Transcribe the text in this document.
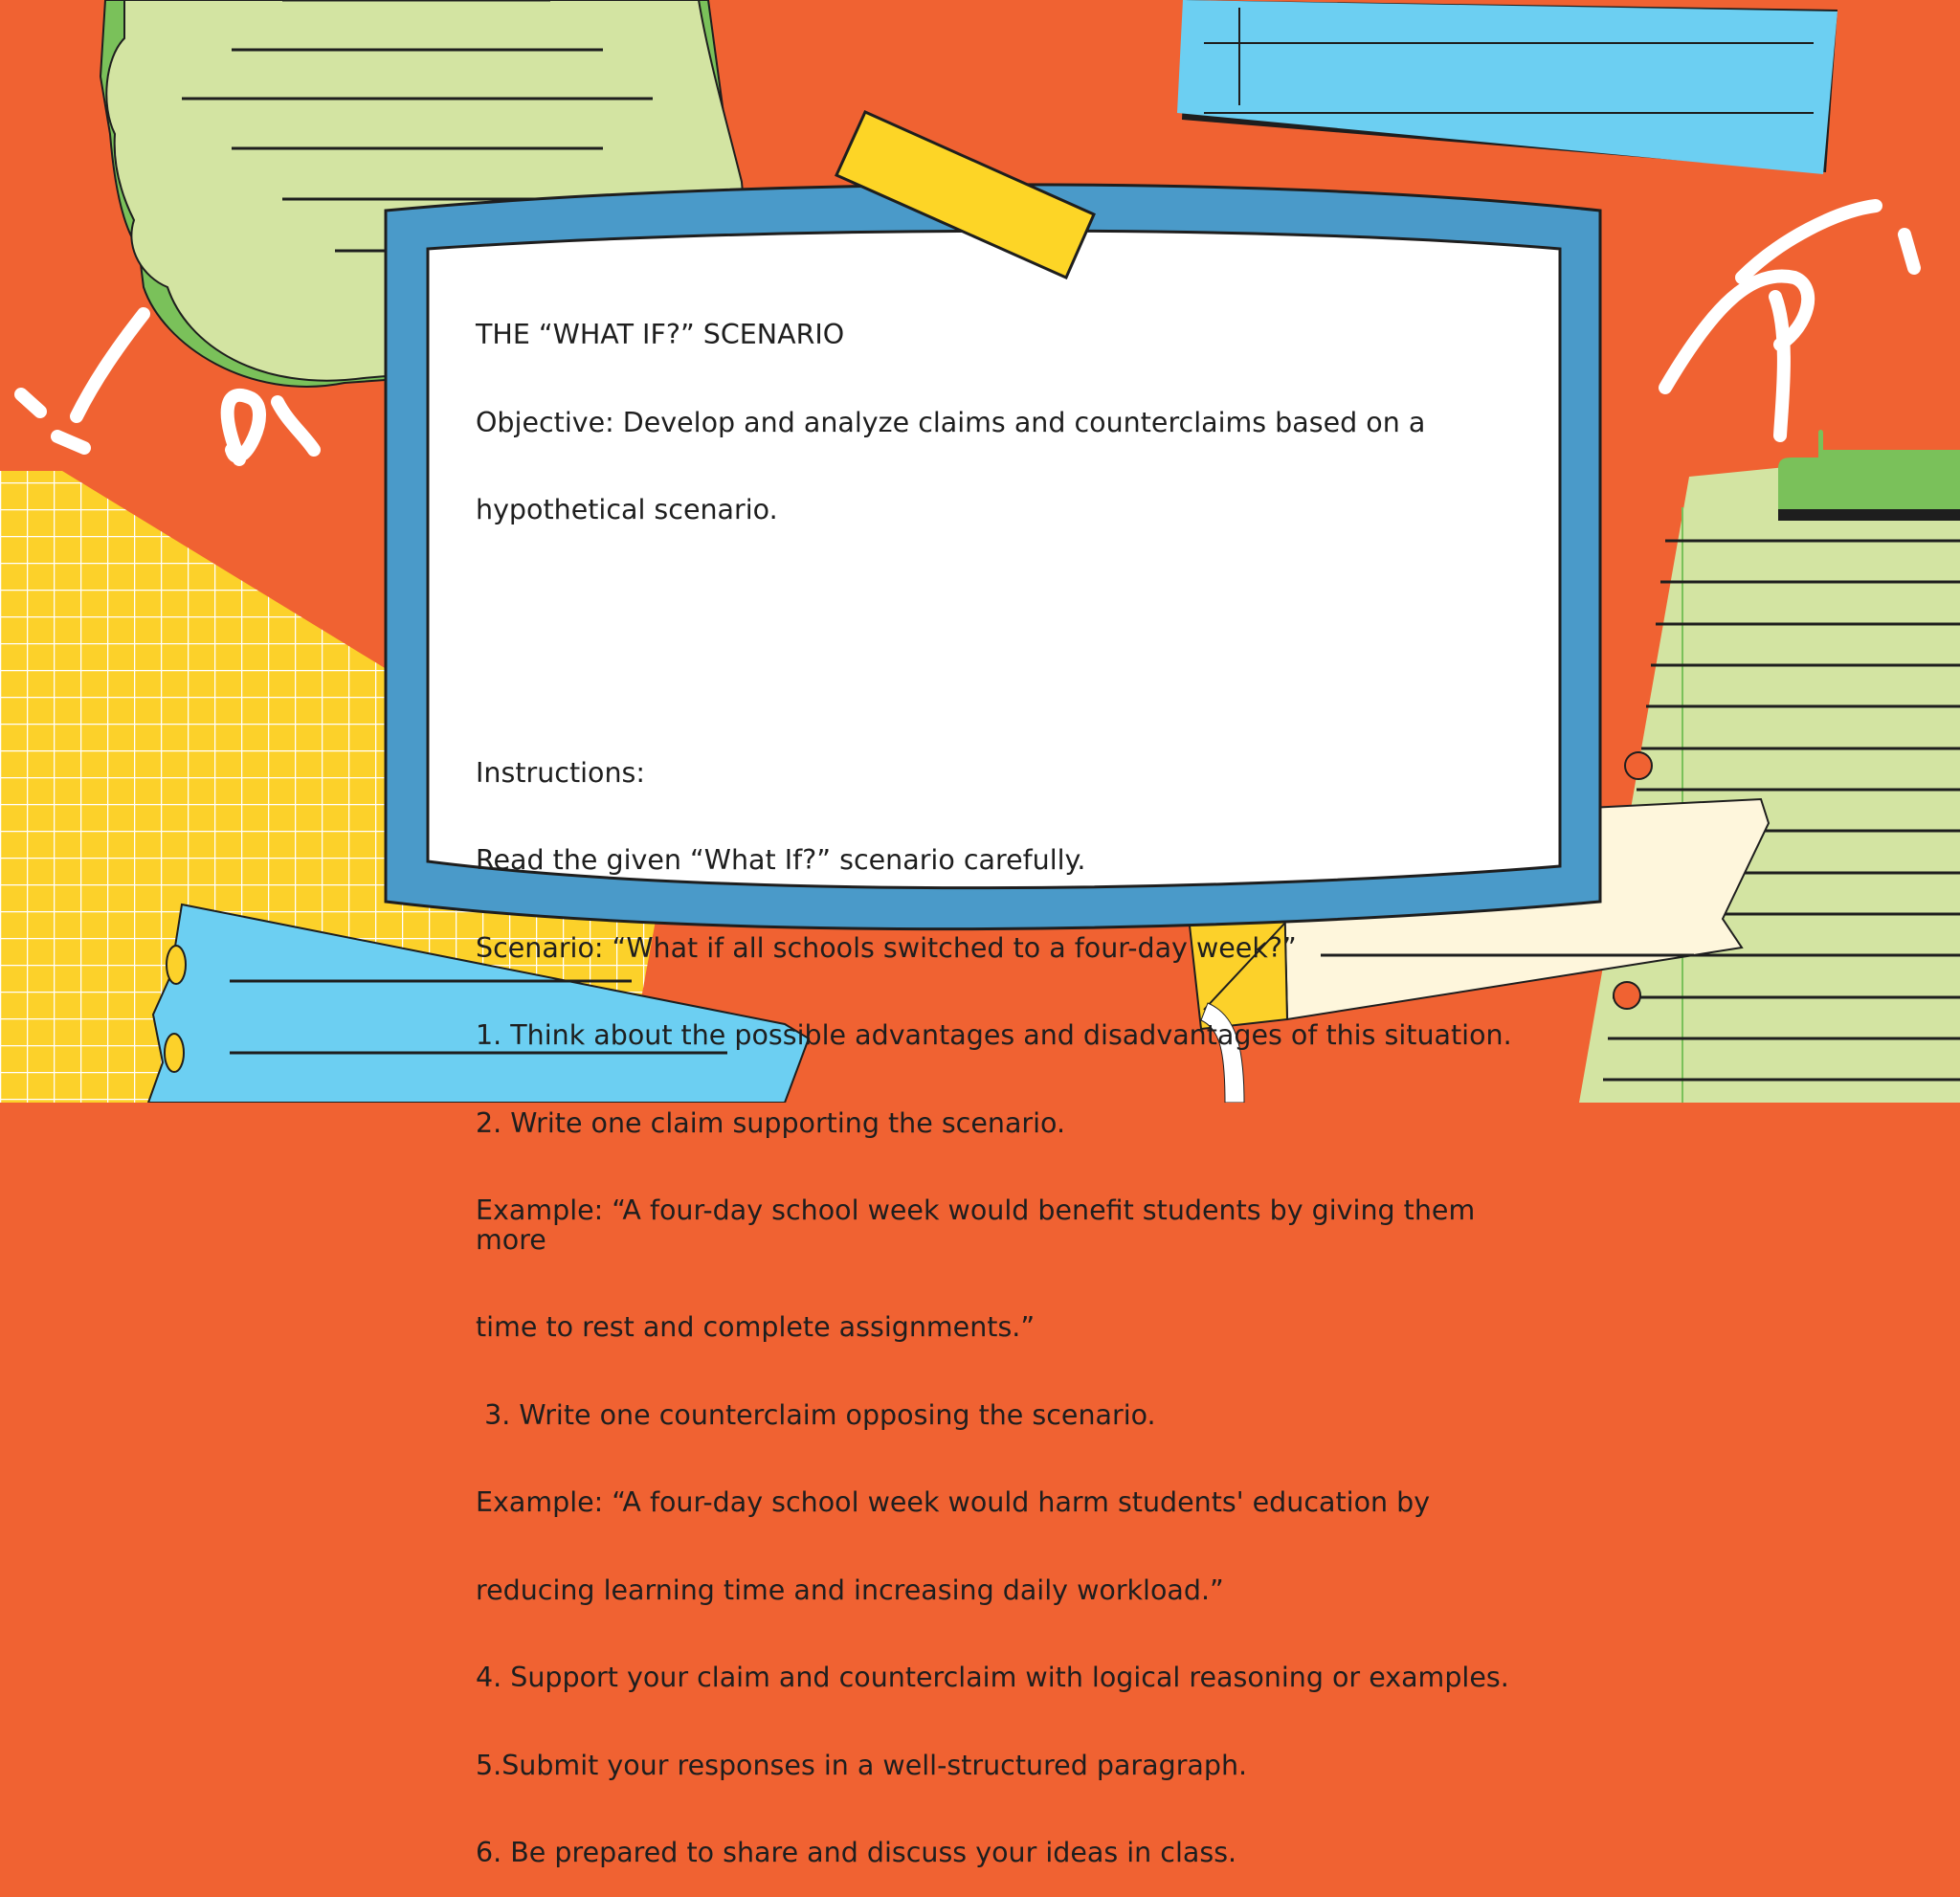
THE “WHAT IF?” SCENARIO

Objective: Develop and analyze claims and counterclaims based on a

hypothetical scenario.

Instructions:

Read the given “What If?” scenario carefully.

Scenario: “What if all schools switched to a four-day week?”

1. Think about the possible advantages and disadvantages of this situation.

2. Write one claim supporting the scenario.

Example: “A four-day school week would benefit students by giving them more

time to rest and complete assignments.”

3. Write one counterclaim opposing the scenario.

Example: “A four-day school week would harm students' education by

reducing learning time and increasing daily workload.”

4. Support your claim and counterclaim with logical reasoning or examples.

5.Submit your responses in a well-structured paragraph.

6. Be prepared to share and discuss your ideas in class.
